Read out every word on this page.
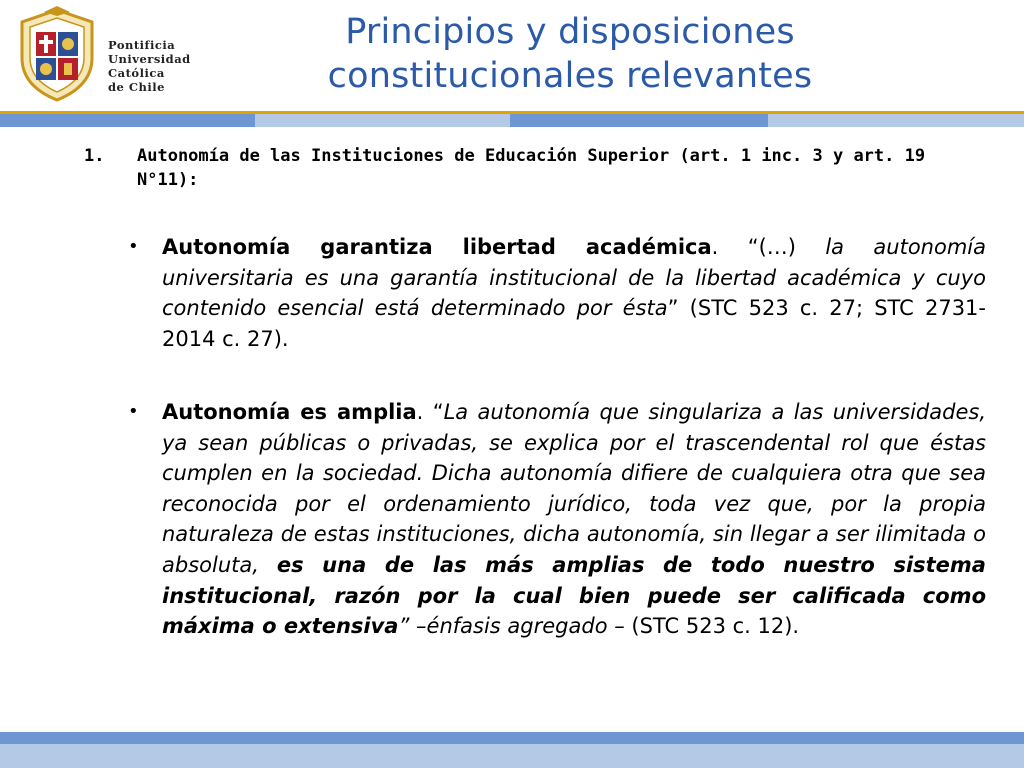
Pontificia
Universidad
Católica
de Chile
Principios y disposiciones
constitucionales relevantes
1. Autonomía de las Instituciones de Educación Superior (art. 1 inc. 3 y art. 19 N°11):
• Autonomía garantiza libertad académica. “(…) la autonomía universitaria es una garantía institucional de la libertad académica y cuyo contenido esencial está determinado por ésta” (STC 523 c. 27; STC 2731-2014 c. 27).
• Autonomía es amplia. “La autonomía que singulariza a las universidades, ya sean públicas o privadas, se explica por el trascendental rol que éstas cumplen en la sociedad. Dicha autonomía difiere de cualquiera otra que sea reconocida por el ordenamiento jurídico, toda vez que, por la propia naturaleza de estas instituciones, dicha autonomía, sin llegar a ser ilimitada o absoluta, es una de las más amplias de todo nuestro sistema institucional, razón por la cual bien puede ser calificada como máxima o extensiva” –énfasis agregado – (STC 523 c. 12).
